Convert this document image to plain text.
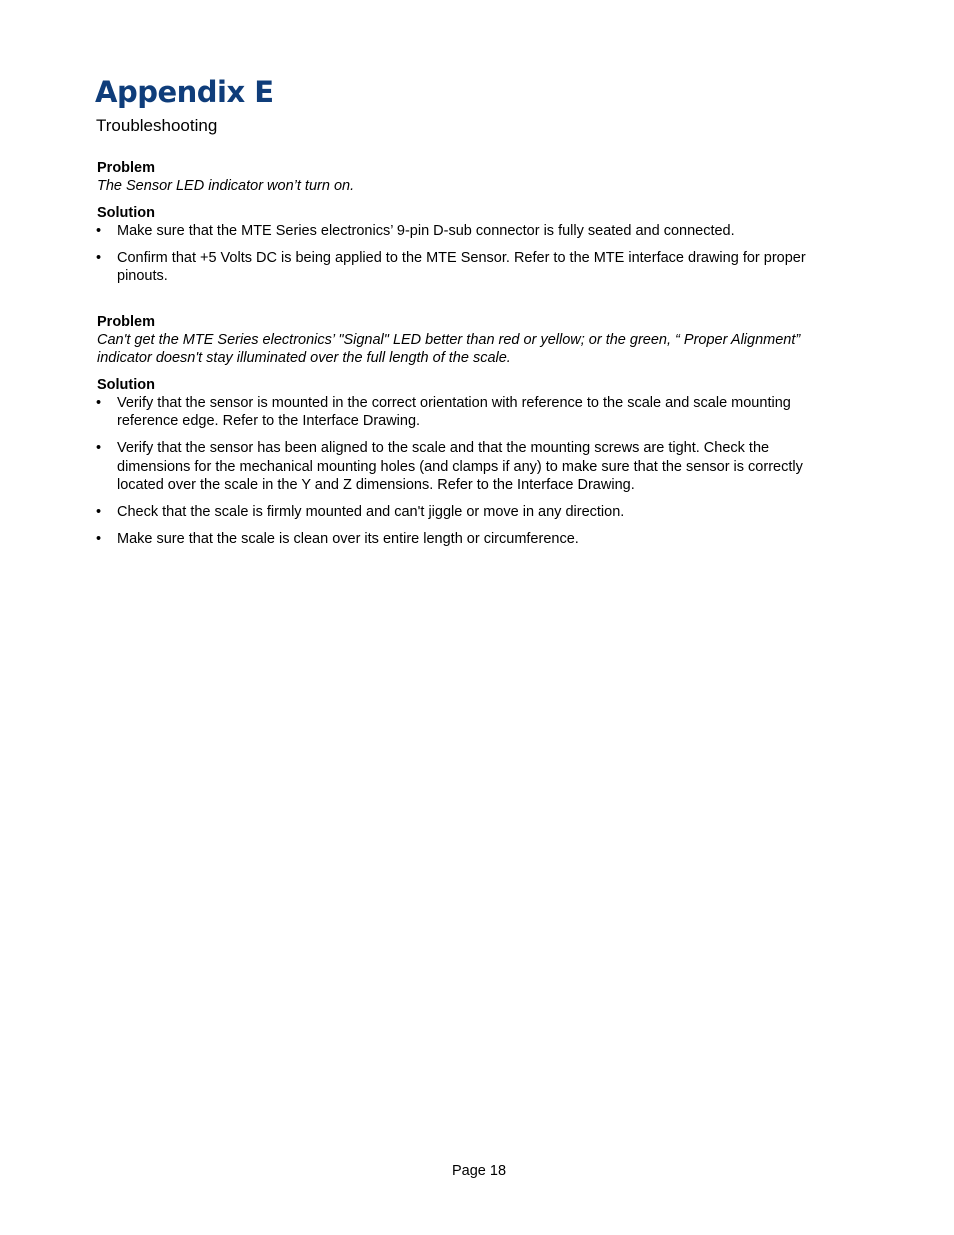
Appendix E
Troubleshooting
Problem
The Sensor LED indicator won’t turn on.
Solution
• Make sure that the MTE Series electronics’ 9-pin D-sub connector is fully seated and connected.
• Confirm that +5 Volts DC is being applied to the MTE Sensor. Refer to the MTE interface drawing for proper pinouts.
Problem
Can't get the MTE Series electronics’ "Signal" LED better than red or yellow; or the green, “ Proper Alignment” indicator doesn't stay illuminated over the full length of the scale.
Solution
• Verify that the sensor is mounted in the correct orientation with reference to the scale and scale mounting reference edge. Refer to the Interface Drawing.
• Verify that the sensor has been aligned to the scale and that the mounting screws are tight. Check the dimensions for the mechanical mounting holes (and clamps if any) to make sure that the sensor is correctly located over the scale in the Y and Z dimensions. Refer to the Interface Drawing.
• Check that the scale is firmly mounted and can't jiggle or move in any direction.
• Make sure that the scale is clean over its entire length or circumference.
Page 18
